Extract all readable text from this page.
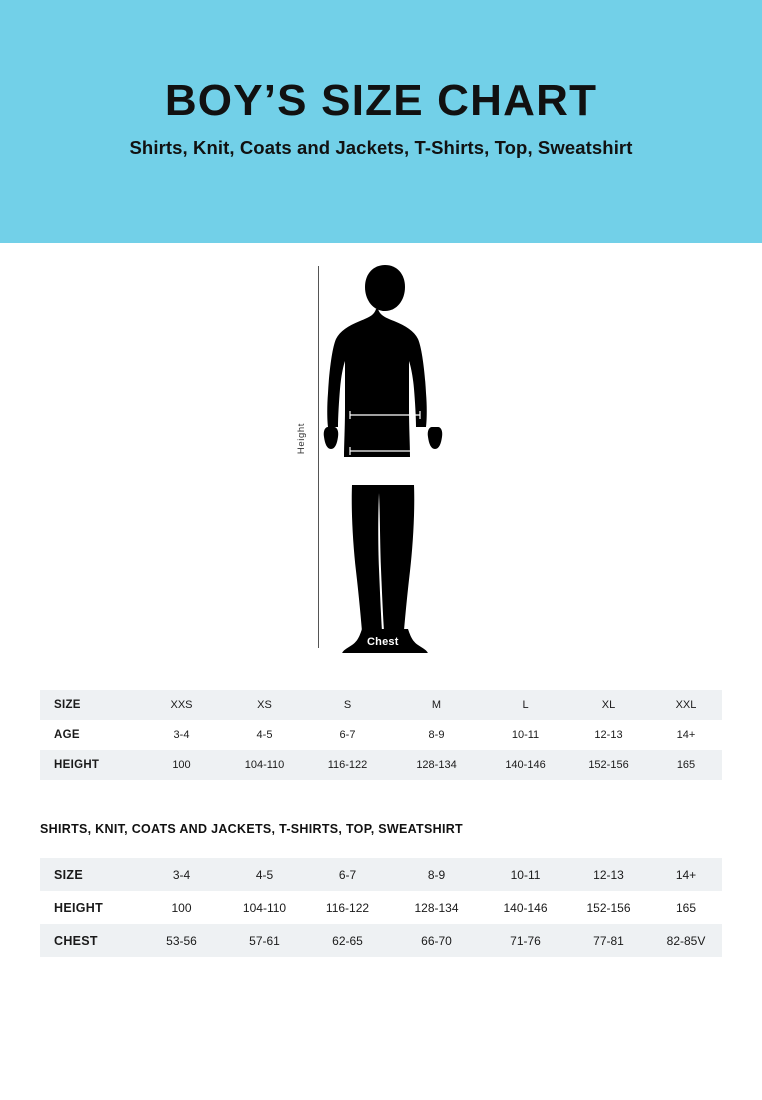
BOY’S SIZE CHART
Shirts, Knit, Coats and Jackets, T-Shirts, Top, Sweatshirt
Height
Chest
Waist
SIZE	XXS	XS	S	M	L	XL	XXL
AGE	3-4	4-5	6-7	8-9	10-11	12-13	14+
HEIGHT	100	104-110	116-122	128-134	140-146	152-156	165
SHIRTS, KNIT, COATS AND JACKETS, T-SHIRTS, TOP, SWEATSHIRT
SIZE	3-4	4-5	6-7	8-9	10-11	12-13	14+
HEIGHT	100	104-110	116-122	128-134	140-146	152-156	165
CHEST	53-56	57-61	62-65	66-70	71-76	77-81	82-85V
